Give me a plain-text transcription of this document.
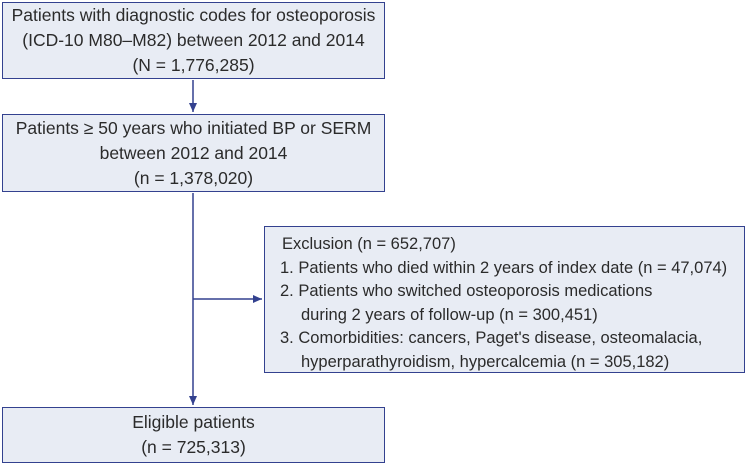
Patients with diagnostic codes for osteoporosis
(ICD-10 M80–M82) between 2012 and 2014
(N = 1,776,285)
Patients ≥ 50 years who initiated BP or SERM
between 2012 and 2014
(n = 1,378,020)
Exclusion (n = 652,707)
1. Patients who died within 2 years of index date (n = 47,074)
2. Patients who switched osteoporosis medications
during 2 years of follow-up (n = 300,451)
3. Comorbidities: cancers, Paget's disease, osteomalacia,
hyperparathyroidism, hypercalcemia (n = 305,182)
Eligible patients
(n = 725,313)
